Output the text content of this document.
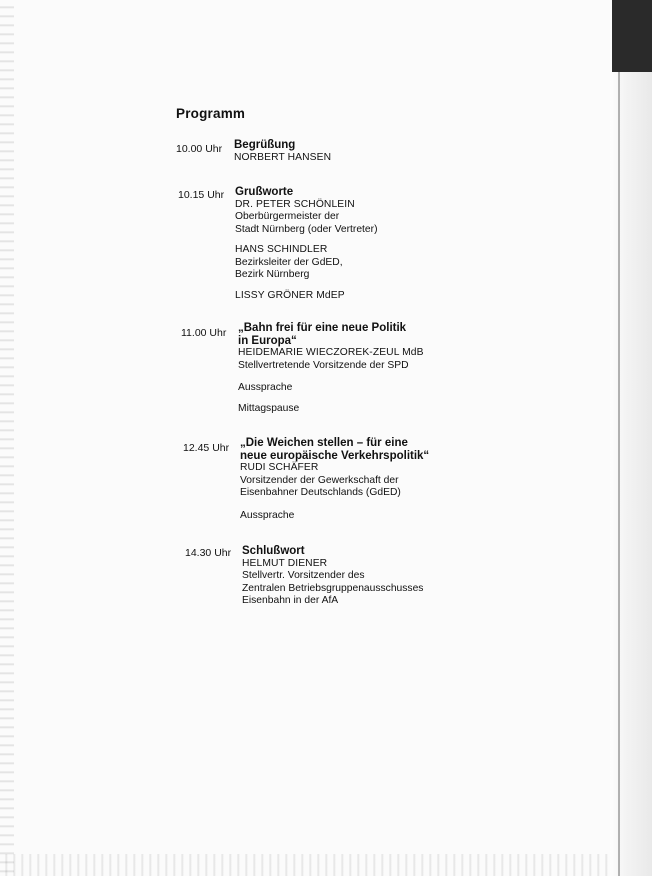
Programm
10.00 Uhr Begrüßung
NORBERT HANSEN
10.15 Uhr Grußworte
DR. PETER SCHÖNLEIN
Oberbürgermeister der
Stadt Nürnberg (oder Vertreter)
HANS SCHINDLER
Bezirksleiter der GdED,
Bezirk Nürnberg
LISSY GRÖNER MdEP
11.00 Uhr „Bahn frei für eine neue Politik
in Europa“
HEIDEMARIE WIECZOREK-ZEUL MdB
Stellvertretende Vorsitzende der SPD
Aussprache
Mittagspause
12.45 Uhr „Die Weichen stellen – für eine
neue europäische Verkehrspolitik“
RUDI SCHÄFER
Vorsitzender der Gewerkschaft der
Eisenbahner Deutschlands (GdED)
Aussprache
14.30 Uhr Schlußwort
HELMUT DIENER
Stellvertr. Vorsitzender des
Zentralen Betriebsgruppenausschusses
Eisenbahn in der AfA
